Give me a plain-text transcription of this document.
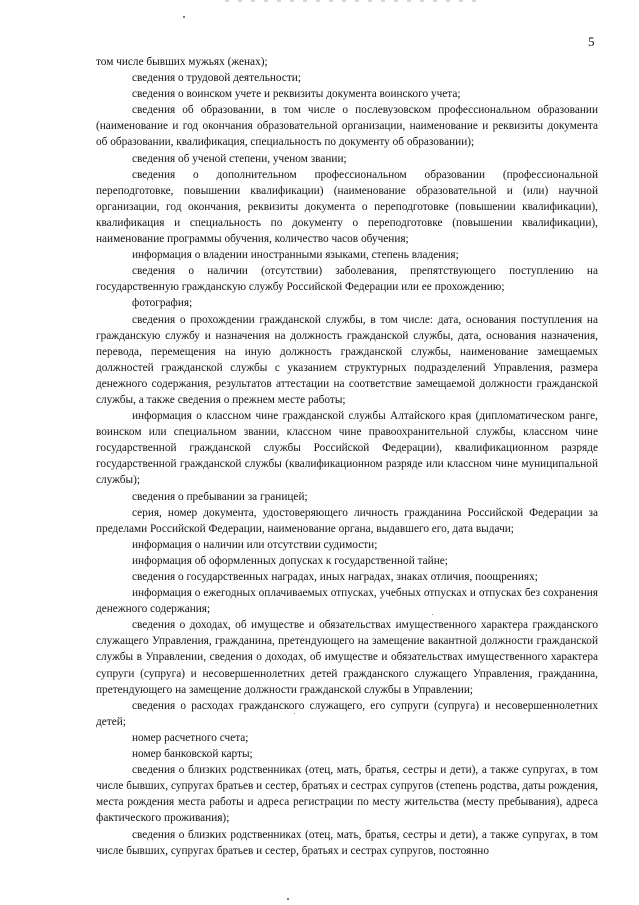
5

том числе бывших мужьях (женах);

сведения о трудовой деятельности;

сведения о воинском учете и реквизиты документа воинского учета;

сведения об образовании, в том числе о послевузовском профессиональном образовании (наименование и год окончания образовательной организации, наименование и реквизиты документа об образовании, квалификация, специальность по документу об образовании);

сведения об ученой степени, ученом звании;

сведения о дополнительном профессиональном образовании (профессиональной переподготовке, повышении квалификации) (наименование образовательной и (или) научной организации, год окончания, реквизиты документа о переподготовке (повышении квалификации), квалификация и специальность по документу о переподготовке (повышении квалификации), наименование программы обучения, количество часов обучения;

информация о владении иностранными языками, степень владения;

сведения о наличии (отсутствии) заболевания, препятствующего поступлению на государственную гражданскую службу Российской Федерации или ее прохождению;

фотография;

сведения о прохождении гражданской службы, в том числе: дата, основания поступления на гражданскую службу и назначения на должность гражданской службы, дата, основания назначения, перевода, перемещения на иную должность гражданской службы, наименование замещаемых должностей гражданской службы с указанием структурных подразделений Управления, размера денежного содержания, результатов аттестации на соответствие замещаемой должности гражданской службы, а также сведения о прежнем месте работы;

информация о классном чине гражданской службы Алтайского края (дипломатическом ранге, воинском или специальном звании, классном чине правоохранительной службы, классном чине государственной гражданской службы Российской Федерации), квалификационном разряде государственной гражданской службы (квалификационном разряде или классном чине муниципальной службы);

сведения о пребывании за границей;

серия, номер документа, удостоверяющего личность гражданина Российской Федерации за пределами Российской Федерации, наименование органа, выдавшего его, дата выдачи;

информация о наличии или отсутствии судимости;

информация об оформленных допусках к государственной тайне;

сведения о государственных наградах, иных наградах, знаках отличия, поощрениях;

информация о ежегодных оплачиваемых отпусках, учебных отпусках и отпусках без сохранения денежного содержания;

сведения о доходах, об имуществе и обязательствах имущественного характера гражданского служащего Управления, гражданина, претендующего на замещение вакантной должности гражданской службы в Управлении, сведения о доходах, об имуществе и обязательствах имущественного характера супруги (супруга) и несовершеннолетних детей гражданского служащего Управления, гражданина, претендующего на замещение должности гражданской службы в Управлении;

сведения о расходах гражданского служащего, его супруги (супруга) и несовершеннолетних детей;

номер расчетного счета;

номер банковской карты;

сведения о близких родственниках (отец, мать, братья, сестры и дети), а также супругах, в том числе бывших, супругах братьев и сестер, братьях и сестрах супругов (степень родства, даты рождения, места рождения места работы и адреса регистрации по месту жительства (месту пребывания), адреса фактического проживания);

сведения о близких родственниках (отец, мать, братья, сестры и дети), а также супругах, в том числе бывших, супругах братьев и сестер, братьях и сестрах супругов, постоянно
